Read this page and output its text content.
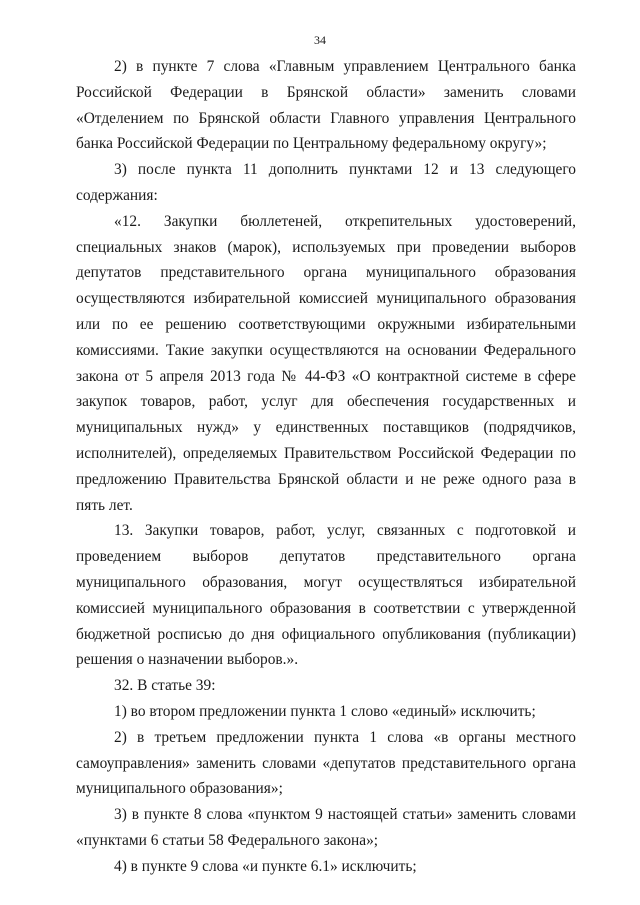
34

2) в пункте 7 слова «Главным управлением Центрального банка Российской Федерации в Брянской области» заменить словами «Отделением по Брянской области Главного управления Центрального банка Российской Федерации по Центральному федеральному округу»;

3) после пункта 11 дополнить пунктами 12 и 13 следующего содержания:

«12. Закупки бюллетеней, открепительных удостоверений, специальных знаков (марок), используемых при проведении выборов депутатов представительного органа муниципального образования осуществляются избирательной комиссией муниципального образования или по ее решению соответствующими окружными избирательными комиссиями. Такие закупки осуществляются на основании Федерального закона от 5 апреля 2013 года № 44-ФЗ «О контрактной системе в сфере закупок товаров, работ, услуг для обеспечения государственных и муниципальных нужд» у единственных поставщиков (подрядчиков, исполнителей), определяемых Правительством Российской Федерации по предложению Правительства Брянской области и не реже одного раза в пять лет.

13. Закупки товаров, работ, услуг, связанных с подготовкой и проведением выборов депутатов представительного органа муниципального образования, могут осуществляться избирательной комиссией муниципального образования в соответствии с утвержденной бюджетной росписью до дня официального опубликования (публикации) решения о назначении выборов.».

32. В статье 39:

1) во втором предложении пункта 1 слово «единый» исключить;

2) в третьем предложении пункта 1 слова «в органы местного самоуправления» заменить словами «депутатов представительного органа муниципального образования»;

3) в пункте 8 слова «пунктом 9 настоящей статьи» заменить словами «пунктами 6 статьи 58 Федерального закона»;

4) в пункте 9 слова «и пункте 6.1» исключить;
